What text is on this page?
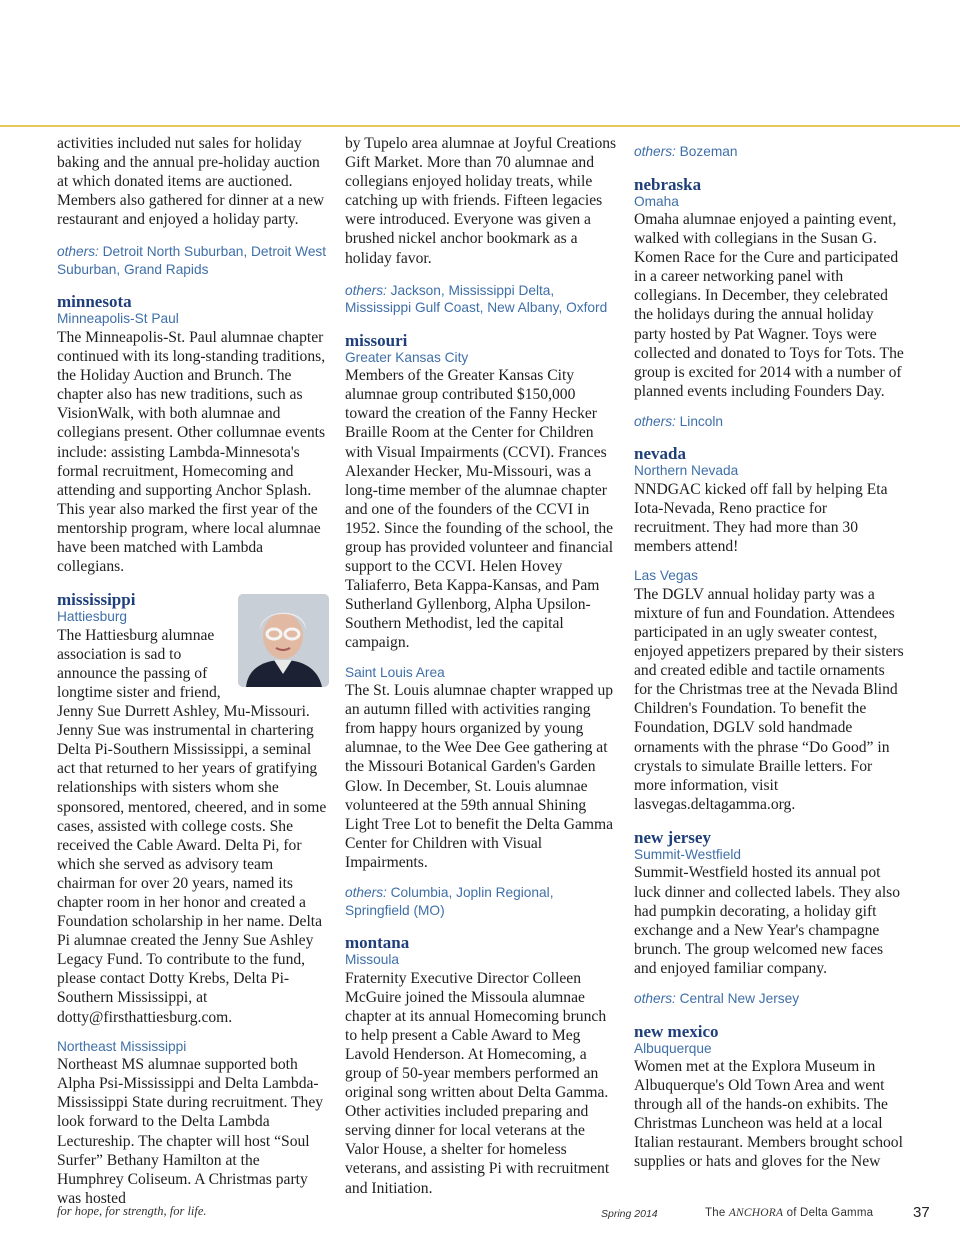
activities included nut sales for holiday baking and the annual pre-holiday auction at which donated items are auctioned. Members also gathered for dinner at a new restaurant and enjoyed a holiday party.

others: Detroit North Suburban, Detroit West Suburban, Grand Rapids

minnesota

Minneapolis-St Paul

The Minneapolis-St. Paul alumnae chapter continued with its long-standing traditions, the Holiday Auction and Brunch. The chapter also has new traditions, such as VisionWalk, with both alumnae and collegians present. Other collumnae events include: assisting Lambda-Minnesota's formal recruitment, Homecoming and attending and supporting Anchor Splash. This year also marked the first year of the mentorship program, where local alumnae have been matched with Lambda collegians.

mississippi

Hattiesburg

The Hattiesburg alumnae association is sad to announce the passing of longtime sister and friend, Jenny Sue Durrett Ashley, Mu-Missouri. Jenny Sue was instrumental in chartering Delta Pi-Southern Mississippi, a seminal act that returned to her years of gratifying relationships with sisters whom she sponsored, mentored, cheered, and in some cases, assisted with college costs. She received the Cable Award. Delta Pi, for which she served as advisory team chairman for over 20 years, named its chapter room in her honor and created a Foundation scholarship in her name. Delta Pi alumnae created the Jenny Sue Ashley Legacy Fund. To contribute to the fund, please contact Dotty Krebs, Delta Pi-Southern Mississippi, at dotty@firsthattiesburg.com.

Northeast Mississippi

Northeast MS alumnae supported both Alpha Psi-Mississippi and Delta Lambda-Mississippi State during recruitment. They look forward to the Delta Lambda Lectureship. The chapter will host “Soul Surfer” Bethany Hamilton at the Humphrey Coliseum. A Christmas party was hosted

by Tupelo area alumnae at Joyful Creations Gift Market. More than 70 alumnae and collegians enjoyed holiday treats, while catching up with friends. Fifteen legacies were introduced. Everyone was given a brushed nickel anchor bookmark as a holiday favor.

others: Jackson, Mississippi Delta, Mississippi Gulf Coast, New Albany, Oxford

missouri

Greater Kansas City

Members of the Greater Kansas City alumnae group contributed $150,000 toward the creation of the Fanny Hecker Braille Room at the Center for Children with Visual Impairments (CCVI). Frances Alexander Hecker, Mu-Missouri, was a long-time member of the alumnae chapter and one of the founders of the CCVI in 1952. Since the founding of the school, the group has provided volunteer and financial support to the CCVI. Helen Hovey Taliaferro, Beta Kappa-Kansas, and Pam Sutherland Gyllenborg, Alpha Upsilon-Southern Methodist, led the capital campaign.

Saint Louis Area

The St. Louis alumnae chapter wrapped up an autumn filled with activities ranging from happy hours organized by young alumnae, to the Wee Dee Gee gathering at the Missouri Botanical Garden's Garden Glow. In December, St. Louis alumnae volunteered at the 59th annual Shining Light Tree Lot to benefit the Delta Gamma Center for Children with Visual Impairments.

others: Columbia, Joplin Regional, Springfield (MO)

montana

Missoula

Fraternity Executive Director Colleen McGuire joined the Missoula alumnae chapter at its annual Homecoming brunch to help present a Cable Award to Meg Lavold Henderson. At Homecoming, a group of 50-year members performed an original song written about Delta Gamma. Other activities included preparing and serving dinner for local veterans at the Valor House, a shelter for homeless veterans, and assisting Pi with recruitment and Initiation.

others: Bozeman

nebraska

Omaha

Omaha alumnae enjoyed a painting event, walked with collegians in the Susan G. Komen Race for the Cure and participated in a career networking panel with collegians. In December, they celebrated the holidays during the annual holiday party hosted by Pat Wagner. Toys were collected and donated to Toys for Tots. The group is excited for 2014 with a number of planned events including Founders Day.

others: Lincoln

nevada

Northern Nevada

NNDGAC kicked off fall by helping Eta Iota-Nevada, Reno practice for recruitment. They had more than 30 members attend!

Las Vegas

The DGLV annual holiday party was a mixture of fun and Foundation. Attendees participated in an ugly sweater contest, enjoyed appetizers prepared by their sisters and created edible and tactile ornaments for the Christmas tree at the Nevada Blind Children's Foundation. To benefit the Foundation, DGLV sold handmade ornaments with the phrase “Do Good” in crystals to simulate Braille letters. For more information, visit lasvegas.deltagamma.org.

new jersey

Summit-Westfield

Summit-Westfield hosted its annual pot luck dinner and collected labels. They also had pumpkin decorating, a holiday gift exchange and a New Year's champagne brunch. The group welcomed new faces and enjoyed familiar company.

others: Central New Jersey

new mexico

Albuquerque

Women met at the Explora Museum in Albuquerque's Old Town Area and went through all of the hands-on exhibits. The Christmas Luncheon was held at a local Italian restaurant. Members brought school supplies or hats and gloves for the New

for hope, for strength, for life.	Spring 2014	The ANCHORA of Delta Gamma	37
